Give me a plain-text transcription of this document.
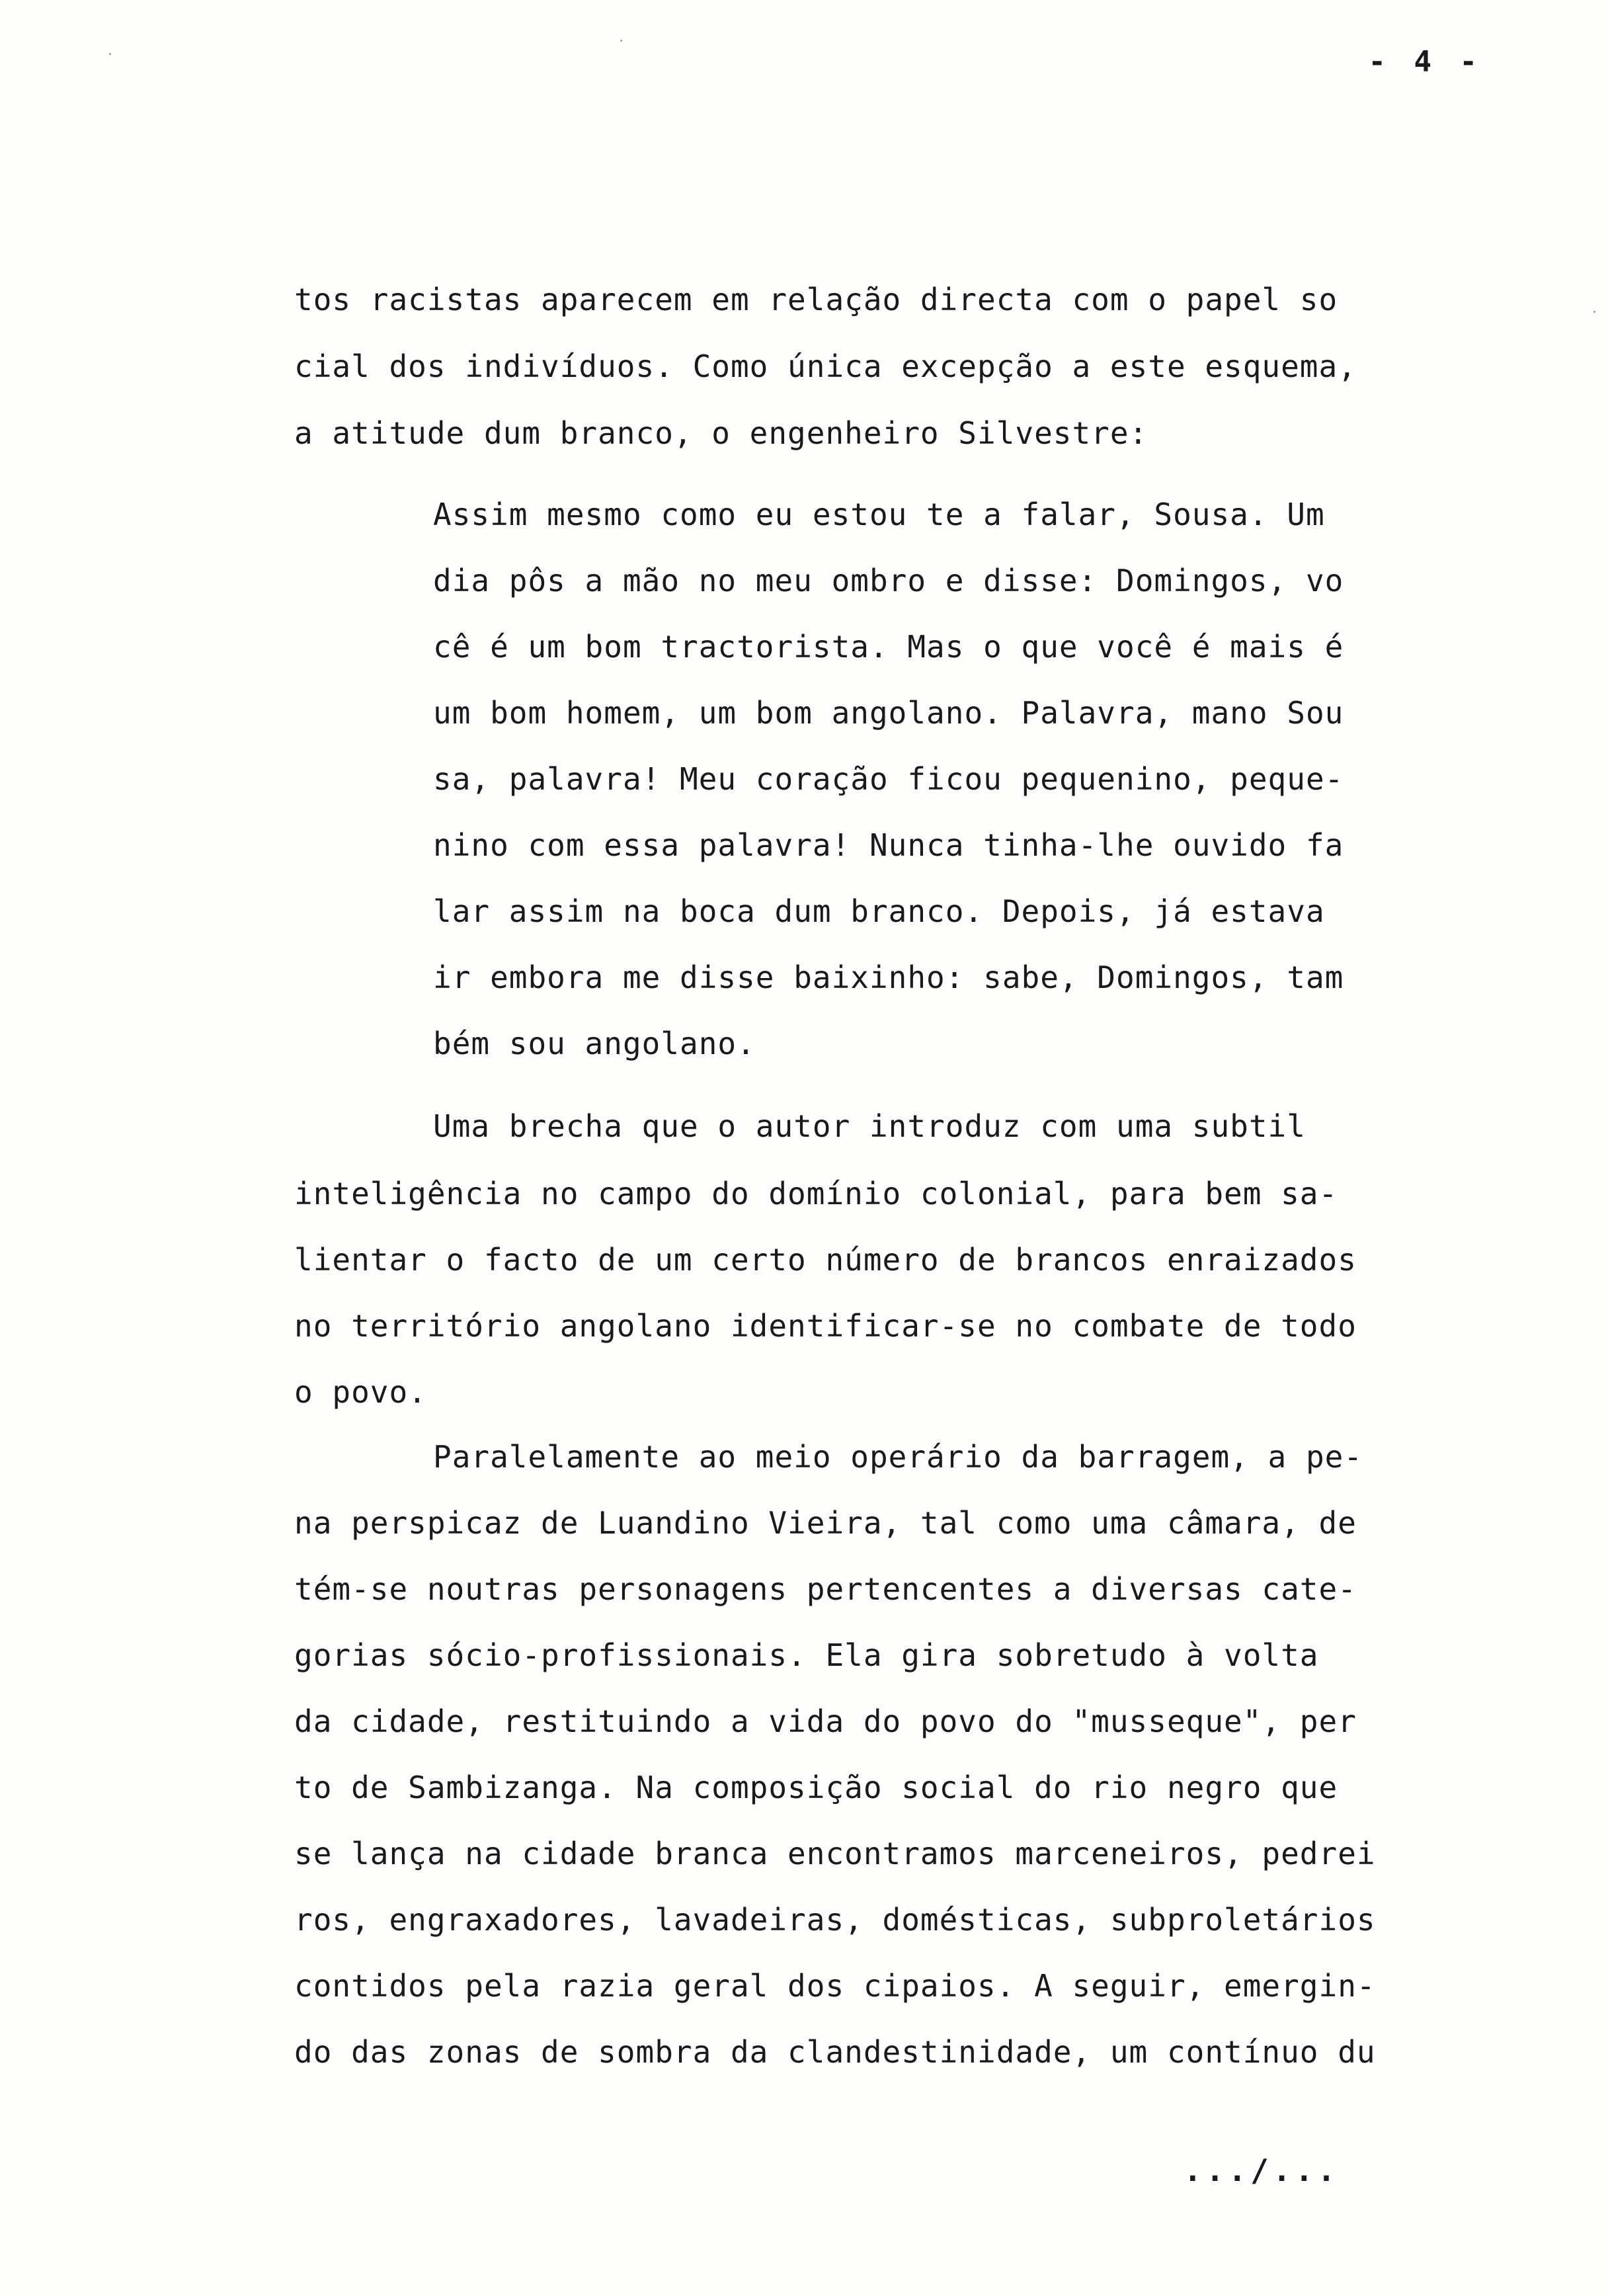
- 4 -
tos racistas aparecem em relação directa com o papel so
cial dos indivíduos. Como única excepção a este esquema,
a atitude dum branco, o engenheiro Silvestre:
Assim mesmo como eu estou te a falar, Sousa. Um
dia pôs a mão no meu ombro e disse: Domingos, vo
cê é um bom tractorista. Mas o que você é mais é
um bom homem, um bom angolano. Palavra, mano Sou
sa, palavra! Meu coração ficou pequenino, peque-
nino com essa palavra! Nunca tinha-lhe ouvido fa
lar assim na boca dum branco. Depois, já estava
ir embora me disse baixinho: sabe, Domingos, tam
bém sou angolano.
Uma brecha que o autor introduz com uma subtil
inteligência no campo do domínio colonial, para bem sa-
lientar o facto de um certo número de brancos enraizados
no território angolano identificar-se no combate de todo
o povo.
Paralelamente ao meio operário da barragem, a pe-
na perspicaz de Luandino Vieira, tal como uma câmara, de
tém-se noutras personagens pertencentes a diversas cate-
gorias sócio-profissionais. Ela gira sobretudo à volta
da cidade, restituindo a vida do povo do "musseque", per
to de Sambizanga. Na composição social do rio negro que
se lança na cidade branca encontramos marceneiros, pedrei
ros, engraxadores, lavadeiras, domésticas, subproletários
contidos pela razia geral dos cipaios. A seguir, emergin-
do das zonas de sombra da clandestinidade, um contínuo du
.../...
